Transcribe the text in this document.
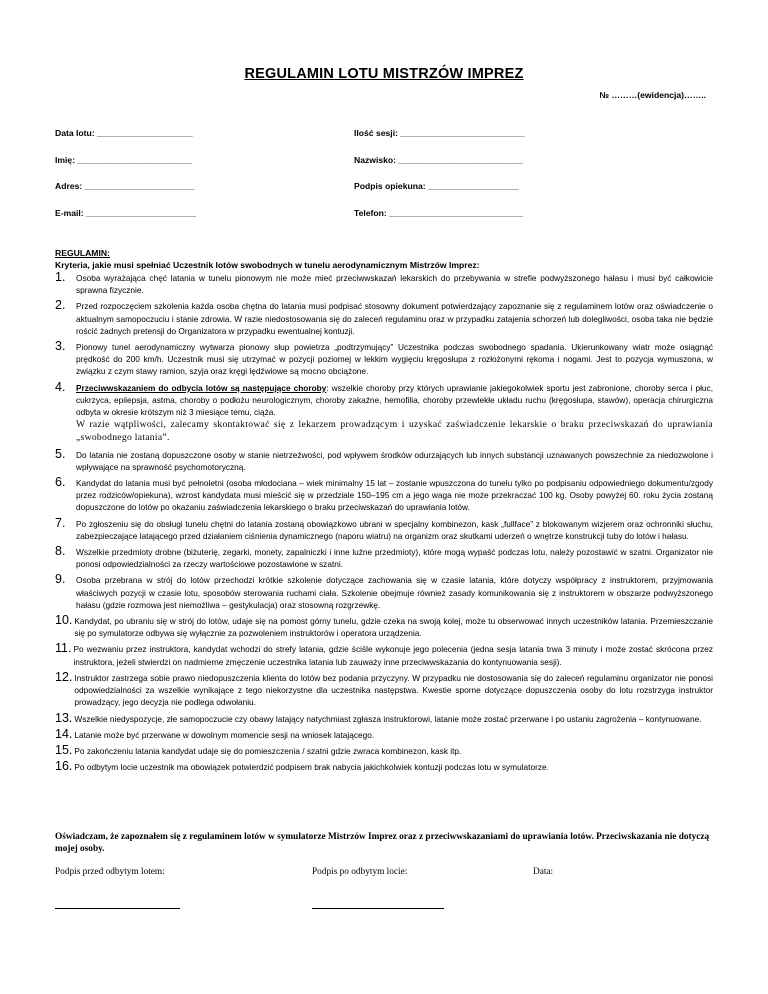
REGULAMIN LOTU MISTRZÓW IMPREZ
№ ………(ewidencja)……..
Data lotu: ____________________	Ilość sesji: __________________________
Imię: ________________________	Nazwisko: __________________________
Adres: _______________________	Podpis opiekuna: ___________________
E-mail: _______________________	Telefon: ____________________________
REGULAMIN:
Kryteria, jakie musi spełniać Uczestnik lotów swobodnych w tunelu aerodynamicznym Mistrzów Imprez:
1.	Osoba wyrażająca chęć latania w tunelu pionowym nie może mieć przeciwwskazań lekarskich do przebywania w strefie podwyższonego hałasu i musi być całkowicie sprawna fizycznie.
2.	Przed rozpoczęciem szkolenia każda osoba chętna do latania musi podpisać stosowny dokument potwierdzający zapoznanie się z regulaminem lotów oraz oświadczenie o aktualnym samopoczuciu i stanie zdrowia. W razie niedostosowania się do zaleceń regulaminu oraz w przypadku zatajenia schorzeń lub dolegliwości, osoba taka nie będzie rościć żadnych pretensji do Organizatora w przypadku ewentualnej kontuzji.
3.	Pionowy tunel aerodynamiczny wytwarza pionowy słup powietrza „podtrzymujący” Uczestnika podczas swobodnego spadania. Ukierunkowany wiatr może osiągnąć prędkość do 200 km/h. Uczestnik musi się utrzymać w pozycji poziomej w lekkim wygięciu kręgosłupa z rozłożonymi rękoma i nogami. Jest to pozycja wymuszona, w związku z czym stawy ramion, szyja oraz kręgi lędźwiowe są mocno obciążone.
4.	Przeciwwskazaniem do odbycia lotów są następujące choroby: wszelkie choroby przy których uprawianie jakiegokolwiek sportu jest zabronione, choroby serca i płuc, cukrzyca, epilepsja, astma, choroby o podłożu neurologicznym, choroby zakaźne, hemofilia, choroby przewlekłe układu ruchu (kręgosłupa, stawów), operacja chirurgiczna odbyta w okresie krótszym niż 3 miesiące temu, ciąża.
W razie wątpliwości, zalecamy skontaktować się z lekarzem prowadzącym i uzyskać zaświadczenie lekarskie o braku przeciwskazań do uprawiania „swobodnego latania”.
5.	Do latania nie zostaną dopuszczone osoby w stanie nietrzeźwości, pod wpływem środków odurzających lub innych substancji uznawanych powszechnie za niedozwolone i wpływające na sprawność psychomotoryczną.
6.	Kandydat do latania musi być pełnoletni (osoba młodociana – wiek minimalny 15 lat – zostanie wpuszczona do tunelu tylko po podpisaniu odpowiedniego dokumentu/zgody przez rodziców/opiekuna), wzrost kandydata musi mieścić się w przedziale 150–195 cm a jego waga nie może przekraczać 100 kg. Osoby powyżej 60. roku życia zostaną dopuszczone do lotów po okazaniu zaświadczenia lekarskiego o braku przeciwskazań do uprawiania lotów.
7.	Po zgłoszeniu się do obsługi tunelu chętni do latania zostaną obowiązkowo ubrani w specjalny kombinezon, kask „fullface” z blokowanym wizjerem oraz ochronniki słuchu, zabezpieczające latającego przed działaniem ciśnienia dynamicznego (naporu wiatru) na organizm oraz skutkami uderzeń o wnętrze konstrukcji tuby do lotów i hałasu.
8.	Wszelkie przedmioty drobne (biżuterię, zegarki, monety, zapalniczki i inne luźne przedmioty), które mogą wypaść podczas lotu, należy pozostawić w szatni. Organizator nie ponosi odpowiedzialności za rzeczy wartościowe pozostawione w szatni.
9.	Osoba przebrana w strój do lotów przechodzi krótkie szkolenie dotyczące zachowania się w czasie latania, które dotyczy współpracy z instruktorem, przyjmowania właściwych pozycji w czasie lotu, sposobów sterowania ruchami ciała. Szkolenie obejmuje również zasady komunikowania się z instruktorem w obszarze podwyższonego hałasu (gdzie rozmowa jest niemożliwa – gestykulacja) oraz stosowną rozgrzewkę.
10. Kandydat, po ubraniu się w strój do lotów, udaje się na pomost górny tunelu, gdzie czeka na swoją kolej, może tu obserwować innych uczestników latania. Przemieszczanie się po symulatorze odbywa się wyłącznie za pozwoleniem instruktorów i operatora urządzenia.
11. Po wezwaniu przez instruktora, kandydat wchodzi do strefy latania, gdzie ściśle wykonuje jego polecenia (jedna sesja latania trwa 3 minuty i może zostać skrócona przez instruktora, jeżeli stwierdzi on nadmierne zmęczenie uczestnika latania lub zauważy inne przeciwwskazania do kontynuowania sesji).
12. Instruktor zastrzega sobie prawo niedopuszczenia klienta do lotów bez podania przyczyny. W przypadku nie dostosowania się do zaleceń regulaminu organizator nie ponosi odpowiedzialności za wszelkie wynikające z tego niekorzystne dla uczestnika następstwa. Kwestie sporne dotyczące dopuszczenia osoby do lotu rozstrzyga instruktor prowadzący, jego decyzja nie podlega odwołaniu.
13. Wszelkie niedyspozycje, złe samopoczucie czy obawy latający natychmiast zgłasza instruktorowi, latanie może zostać przerwane i po ustaniu zagrożenia – kontynuowane.
14. Latanie może być przerwane w dowolnym momencie sesji na wniosek latającego.
15. Po zakończeniu latania kandydat udaje się do pomieszczenia / szatni gdzie zwraca kombinezon, kask itp.
16. Po odbytym locie uczestnik ma obowiązek potwierdzić podpisem brak nabycia jakichkolwiek kontuzji podczas lotu w symulatorze.
Oświadczam, że zapoznałem się z regulaminem lotów w symulatorze Mistrzów Imprez oraz z przeciwwskazaniami do uprawiania lotów. Przeciwskazania nie dotyczą mojej osoby.
Podpis przed odbytym lotem:	Podpis po odbytym locie:	Data:
